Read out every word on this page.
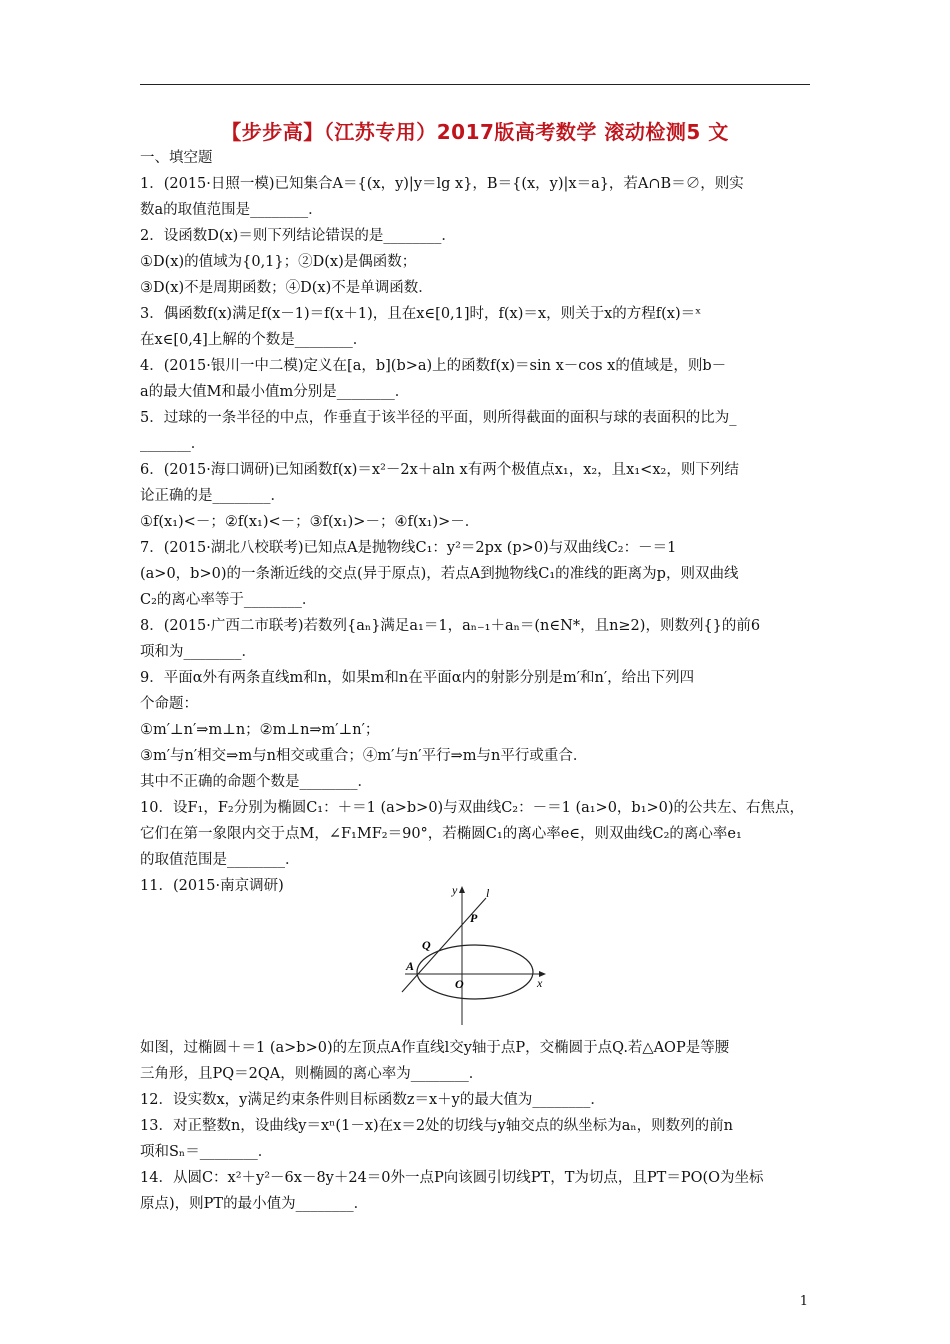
【步步高】（江苏专用）2017版高考数学 滚动检测5 文
一、填空题
1．(2015·日照一模)已知集合A＝{(x，y)|y＝lg x}，B＝{(x，y)|x＝a}，若A∩B＝∅，则实
数a的取值范围是________．
2．设函数D(x)＝则下列结论错误的是________．
①D(x)的值域为{0,1}；②D(x)是偶函数；
③D(x)不是周期函数；④D(x)不是单调函数．
3．偶函数f(x)满足f(x－1)＝f(x＋1)，且在x∈[0,1]时，f(x)＝x，则关于x的方程f(x)＝ˣ
在x∈[0,4]上解的个数是________．
4．(2015·银川一中二模)定义在[a，b](b>a)上的函数f(x)＝sin x－cos x的值域是，则b－
a的最大值M和最小值m分别是________．
5．过球的一条半径的中点，作垂直于该半径的平面，则所得截面的面积与球的表面积的比为_
_______．
6．(2015·海口调研)已知函数f(x)＝x²－2x＋aln x有两个极值点x₁，x₂，且x₁<x₂，则下列结
论正确的是________．
①f(x₁)<－；②f(x₁)<－；③f(x₁)>－；④f(x₁)>－．
7．(2015·湖北八校联考)已知点A是抛物线C₁：y²＝2px (p>0)与双曲线C₂：－＝1
(a>0，b>0)的一条渐近线的交点(异于原点)，若点A到抛物线C₁的准线的距离为p，则双曲线
C₂的离心率等于________．
8．(2015·广西二市联考)若数列{aₙ}满足a₁＝1，aₙ₋₁＋aₙ＝(n∈N*，且n≥2)，则数列{}的前6
项和为________．
9．平面α外有两条直线m和n，如果m和n在平面α内的射影分别是m′和n′，给出下列四
个命题：
①m′⊥n′⇒m⊥n；②m⊥n⇒m′⊥n′；
③m′与n′相交⇒m与n相交或重合；④m′与n′平行⇒m与n平行或重合．
其中不正确的命题个数是________．
10．设F₁，F₂分别为椭圆C₁：＋＝1 (a>b>0)与双曲线C₂：－＝1 (a₁>0，b₁>0)的公共左、右焦点，
它们在第一象限内交于点M，∠F₁MF₂＝90°，若椭圆C₁的离心率e∈，则双曲线C₂的离心率e₁
的取值范围是________．
11．(2015·南京调研)	y l
P
Q
A
O	x
如图，过椭圆＋＝1 (a>b>0)的左顶点A作直线l交y轴于点P，交椭圆于点Q.若△AOP是等腰
三角形，且PQ＝2QA，则椭圆的离心率为________．
12．设实数x，y满足约束条件则目标函数z＝x＋y的最大值为________．
13．对正整数n，设曲线y＝xⁿ(1－x)在x＝2处的切线与y轴交点的纵坐标为aₙ，则数列的前n
项和Sₙ＝________．
14．从圆C：x²＋y²－6x－8y＋24＝0外一点P向该圆引切线PT，T为切点，且PT＝PO(O为坐标
原点)，则PT的最小值为________．
1
